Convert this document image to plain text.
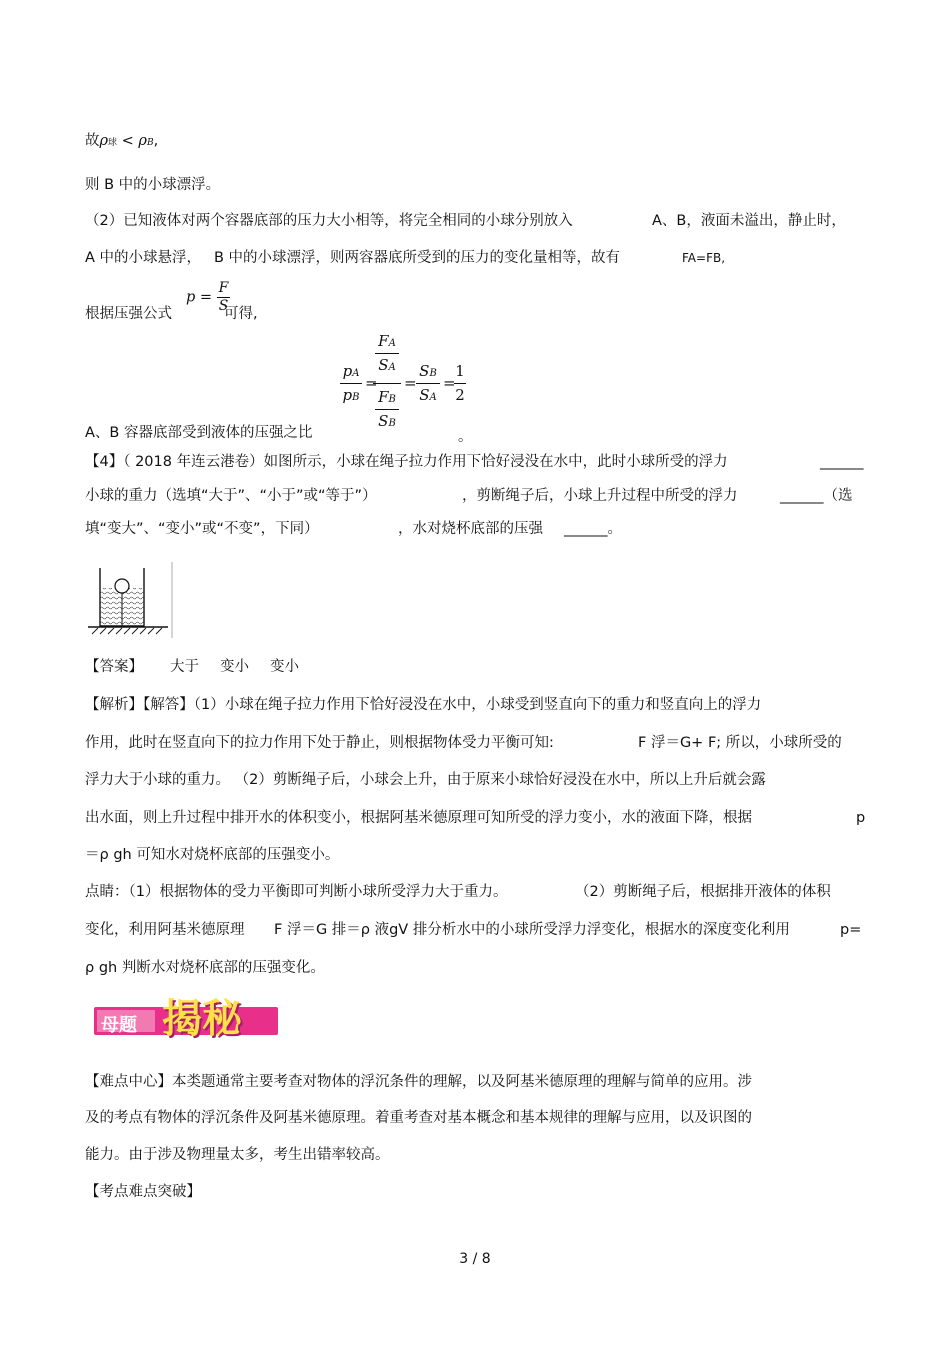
故ρ球 < ρB,
则 B 中的小球漂浮。
（2）已知液体对两个容器底部的压力大小相等，将完全相同的小球分别放入	A、B，液面未溢出，静止时，
A 中的小球悬浮， B 中的小球漂浮，则两容器底所受到的压力的变化量相等，故有	FA=FB,
根据压强公式
$p = \frac{F}{S}$
可得,
pA
pB
=
FA
SA
FB
SB
=
SB
SA
=
1
2
A、B 容器底部受到液体的压强之比	。
【4】（ 2018 年连云港卷）如图所示，小球在绳子拉力作用下恰好浸没在水中，此时小球所受的浮力	______
小球的重力（选填“大于”、“小于”或“等于”）	，剪断绳子后，小球上升过程中所受的浮力	______（选
填“变大”、“变小”或“不变”，下同）	，水对烧杯底部的压强 ______。
【答案】 大于 变小 变小
【解析】【解答】（1）小球在绳子拉力作用下恰好浸没在水中，小球受到竖直向下的重力和竖直向上的浮力
作用，此时在竖直向下的拉力作用下处于静止，则根据物体受力平衡可知:	F 浮＝G+ F; 所以，小球所受的
浮力大于小球的重力。 （2）剪断绳子后，小球会上升，由于原来小球恰好浸没在水中，所以上升后就会露
出水面，则上升过程中排开水的体积变小，根据阿基米德原理可知所受的浮力变小，水的液面下降，根据	p
＝ρ gh 可知水对烧杯底部的压强变小。
点睛：（1）根据物体的受力平衡即可判断小球所受浮力大于重力。	（2）剪断绳子后，根据排开液体的体积
变化，利用阿基米德原理 F 浮＝G 排＝ρ 液gV 排分析水中的小球所受浮力浮变化，根据水的深度变化利用	p=
ρ gh 判断水对烧杯底部的压强变化。
母题 揭秘
【难点中心】本类题通常主要考查对物体的浮沉条件的理解，以及阿基米德原理的理解与简单的应用。涉
及的考点有物体的浮沉条件及阿基米德原理。着重考查对基本概念和基本规律的理解与应用，以及识图的
能力。由于涉及物理量太多，考生出错率较高。
【考点难点突破】
3 / 8
